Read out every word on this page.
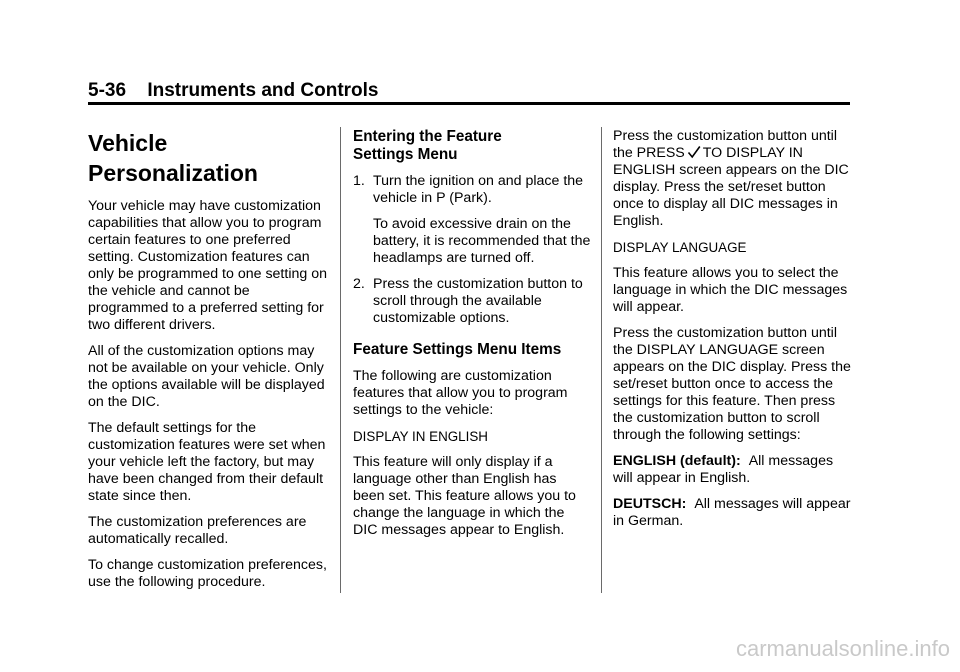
5-36 Instruments and Controls
Vehicle
Personalization

Your vehicle may have customization capabilities that allow you to program certain features to one preferred setting. Customization features can only be programmed to one setting on the vehicle and cannot be programmed to a preferred setting for two different drivers.

All of the customization options may not be available on your vehicle. Only the options available will be displayed on the DIC.

The default settings for the customization features were set when your vehicle left the factory, but may have been changed from their default state since then.

The customization preferences are automatically recalled.

To change customization preferences, use the following procedure.

Entering the Feature
Settings Menu
1. Turn the ignition on and place the vehicle in P (Park).

To avoid excessive drain on the battery, it is recommended that the headlamps are turned off.

2. Press the customization button to scroll through the available customizable options.

Feature Settings Menu Items

The following are customization features that allow you to program settings to the vehicle:

DISPLAY IN ENGLISH

This feature will only display if a language other than English has been set. This feature allows you to change the language in which the DIC messages appear to English.

Press the customization button until the PRESS TO DISPLAY IN ENGLISH screen appears on the DIC display. Press the set/reset button once to display all DIC messages in English.

DISPLAY LANGUAGE

This feature allows you to select the language in which the DIC messages will appear.

Press the customization button until the DISPLAY LANGUAGE screen appears on the DIC display. Press the set/reset button once to access the settings for this feature. Then press the customization button to scroll through the following settings:

ENGLISH (default): All messages will appear in English.

DEUTSCH: All messages will appear in German.

carmanualsonline.info
